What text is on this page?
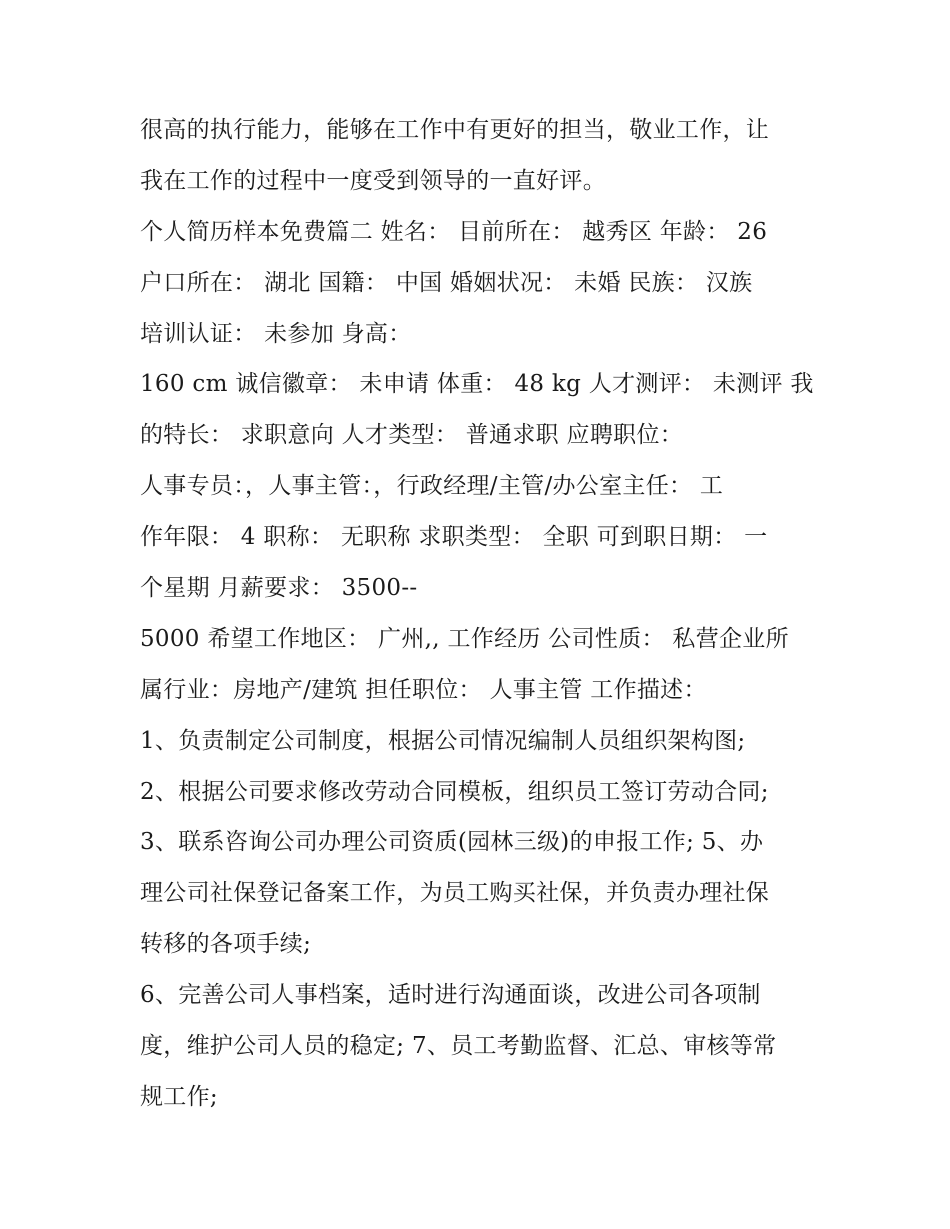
很高的执行能力，能够在工作中有更好的担当，敬业工作，让
我在工作的过程中一度受到领导的一直好评。
个人简历样本免费篇二 姓名： 目前所在： 越秀区 年龄： 26
户口所在： 湖北 国籍： 中国 婚姻状况： 未婚 民族： 汉族
培训认证： 未参加 身高：
160 cm 诚信徽章： 未申请 体重： 48 kg 人才测评： 未测评 我
的特长： 求职意向 人才类型： 普通求职 应聘职位：
人事专员：，人事主管：，行政经理/主管/办公室主任： 工
作年限： 4 职称： 无职称 求职类型： 全职 可到职日期： 一
个星期 月薪要求： 3500--
5000 希望工作地区： 广州,, 工作经历 公司性质： 私营企业所
属行业：房地产/建筑 担任职位： 人事主管 工作描述：
1、负责制定公司制度，根据公司情况编制人员组织架构图;
2、根据公司要求修改劳动合同模板，组织员工签订劳动合同;
3、联系咨询公司办理公司资质(园林三级)的申报工作; 5、办
理公司社保登记备案工作，为员工购买社保，并负责办理社保
转移的各项手续;
6、完善公司人事档案，适时进行沟通面谈，改进公司各项制
度，维护公司人员的稳定; 7、员工考勤监督、汇总、审核等常
规工作;
